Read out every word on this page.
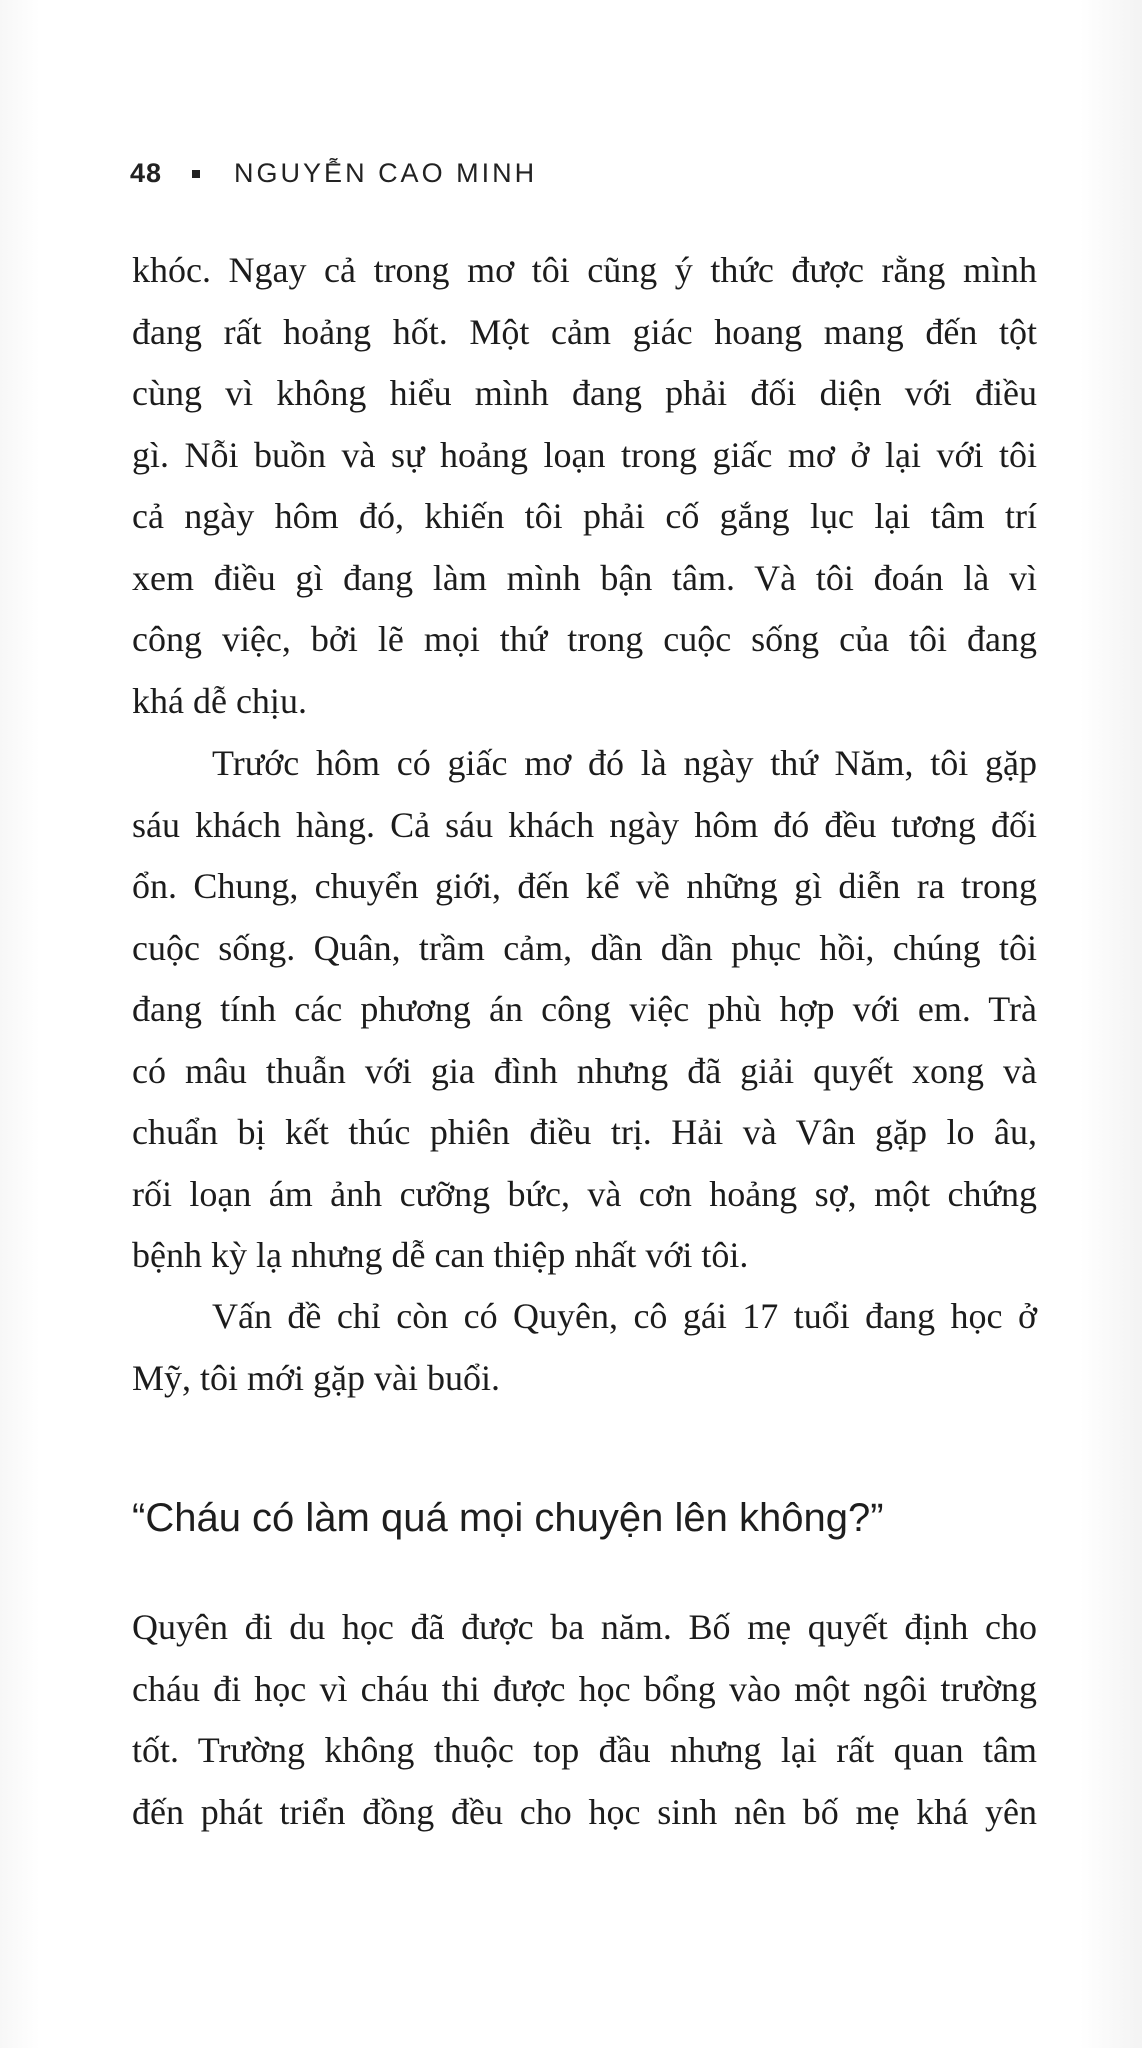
48	NGUYỄN CAO MINH
khóc. Ngay cả trong mơ tôi cũng ý thức được rằng mình
đang rất hoảng hốt. Một cảm giác hoang mang đến tột
cùng vì không hiểu mình đang phải đối diện với điều
gì. Nỗi buồn và sự hoảng loạn trong giấc mơ ở lại với tôi
cả ngày hôm đó, khiến tôi phải cố gắng lục lại tâm trí
xem điều gì đang làm mình bận tâm. Và tôi đoán là vì
công việc, bởi lẽ mọi thứ trong cuộc sống của tôi đang
khá dễ chịu.
Trước hôm có giấc mơ đó là ngày thứ Năm, tôi gặp
sáu khách hàng. Cả sáu khách ngày hôm đó đều tương đối
ổn. Chung, chuyển giới, đến kể về những gì diễn ra trong
cuộc sống. Quân, trầm cảm, dần dần phục hồi, chúng tôi
đang tính các phương án công việc phù hợp với em. Trà
có mâu thuẫn với gia đình nhưng đã giải quyết xong và
chuẩn bị kết thúc phiên điều trị. Hải và Vân gặp lo âu,
rối loạn ám ảnh cưỡng bức, và cơn hoảng sợ, một chứng
bệnh kỳ lạ nhưng dễ can thiệp nhất với tôi.
Vấn đề chỉ còn có Quyên, cô gái 17 tuổi đang học ở
Mỹ, tôi mới gặp vài buổi.
“Cháu có làm quá mọi chuyện lên không?”
Quyên đi du học đã được ba năm. Bố mẹ quyết định cho
cháu đi học vì cháu thi được học bổng vào một ngôi trường
tốt. Trường không thuộc top đầu nhưng lại rất quan tâm
đến phát triển đồng đều cho học sinh nên bố mẹ khá yên
